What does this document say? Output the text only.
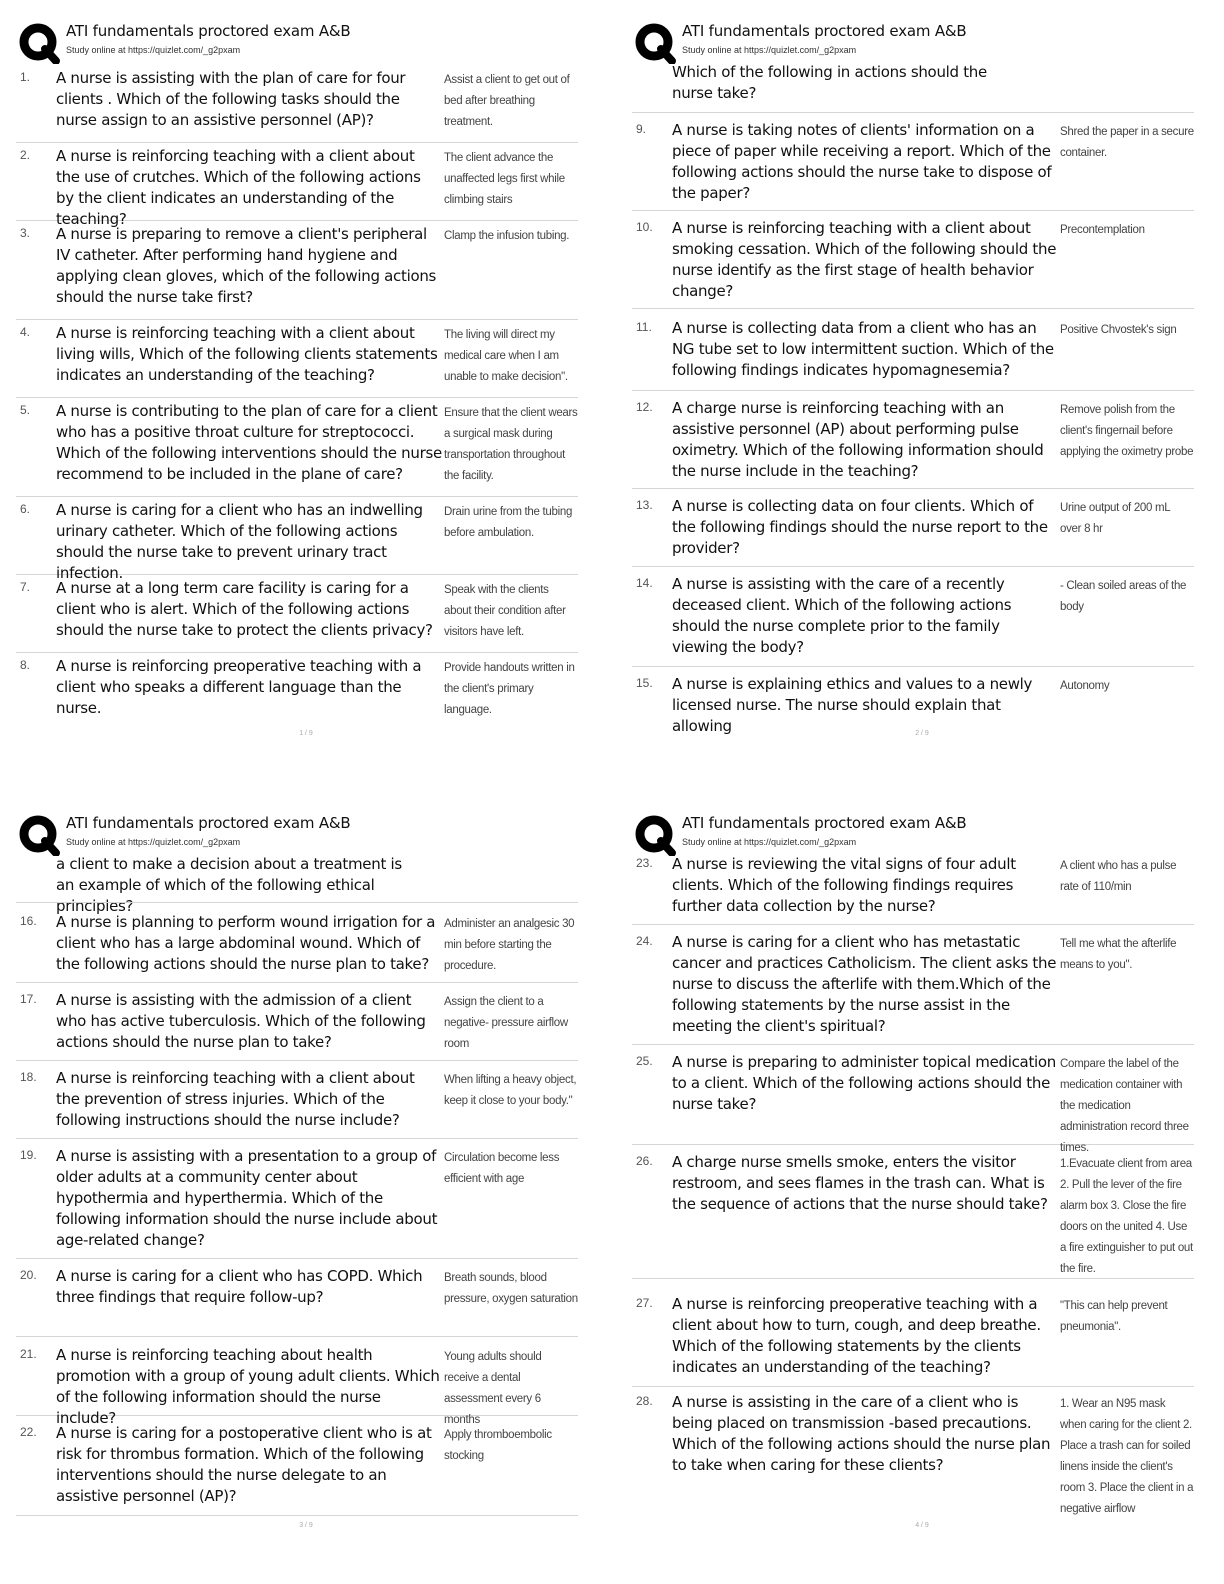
ATI fundamentals proctored exam A&B
Study online at https://quizlet.com/_g2pxam
1. A nurse is assisting with the plan of care for four clients . Which of the following tasks should the nurse assign to an assistive personnel (AP)?
Assist a client to get out of bed after breathing treatment.
2. A nurse is reinforcing teaching with a client about the use of crutches. Which of the following actions by the client indicates an understanding of the teaching?
The client advance the unaffected legs first while climbing stairs
3. A nurse is preparing to remove a client's peripheral IV catheter. After performing hand hygiene and applying clean gloves, which of the following actions should the nurse take first?
Clamp the infusion tubing.
4. A nurse is reinforcing teaching with a client about living wills, Which of the following clients statements indicates an understanding of the teaching?
The living will direct my medical care when I am unable to make decision".
5. A nurse is contributing to the plan of care for a client who has a positive throat culture for streptococci. Which of the following interventions should the nurse recommend to be included in the plane of care?
Ensure that the client wears a surgical mask during transportation throughout the facility.
6. A nurse is caring for a client who has an indwelling urinary catheter. Which of the following actions should the nurse take to prevent urinary tract infection.
Drain urine from the tubing before ambulation.
7. A nurse at a long term care facility is caring for a client who is alert. Which of the following actions should the nurse take to protect the clients privacy?
Speak with the clients about their condition after visitors have left.
8. A nurse is reinforcing preoperative teaching with a client who speaks a different language than the nurse.
Provide handouts written in the client's primary language.
1 / 9
ATI fundamentals proctored exam A&B
Study online at https://quizlet.com/_g2pxam
Which of the following in actions should the nurse take?
9. A nurse is taking notes of clients' information on a piece of paper while receiving a report. Which of the following actions should the nurse take to dispose of the paper?
Shred the paper in a secure container.
10. A nurse is reinforcing teaching with a client about smoking cessation. Which of the following should the nurse identify as the first stage of health behavior change?
Precontemplation
11. A nurse is collecting data from a client who has an NG tube set to low intermittent suction. Which of the following findings indicates hypomagnesemia?
Positive Chvostek's sign
12. A charge nurse is reinforcing teaching with an assistive personnel (AP) about performing pulse oximetry. Which of the following information should the nurse include in the teaching?
Remove polish from the client's fingernail before applying the oximetry probe
13. A nurse is collecting data on four clients. Which of the following findings should the nurse report to the provider?
Urine output of 200 mL over 8 hr
14. A nurse is assisting with the care of a recently deceased client. Which of the following actions should the nurse complete prior to the family viewing the body?
- Clean soiled areas of the body
15. A nurse is explaining ethics and values to a newly licensed nurse. The nurse should explain that allowing
Autonomy
2 / 9
ATI fundamentals proctored exam A&B
Study online at https://quizlet.com/_g2pxam
a client to make a decision about a treatment is an example of which of the following ethical principles?
16. A nurse is planning to perform wound irrigation for a client who has a large abdominal wound. Which of the following actions should the nurse plan to take?
Administer an analgesic 30 min before starting the procedure.
17. A nurse is assisting with the admission of a client who has active tuberculosis. Which of the following actions should the nurse plan to take?
Assign the client to a negative- pressure airflow room
18. A nurse is reinforcing teaching with a client about the prevention of stress injuries. Which of the following instructions should the nurse include?
When lifting a heavy object, keep it close to your body."
19. A nurse is assisting with a presentation to a group of older adults at a community center about hypothermia and hyperthermia. Which of the following information should the nurse include about age-related change?
Circulation become less efficient with age
20. A nurse is caring for a client who has COPD. Which three findings that require follow-up?
Breath sounds, blood pressure, oxygen saturation
21. A nurse is reinforcing teaching about health promotion with a group of young adult clients. Which of the following information should the nurse include?
Young adults should receive a dental assessment every 6 months
22. A nurse is caring for a postoperative client who is at risk for thrombus formation. Which of the following interventions should the nurse delegate to an assistive personnel (AP)?
Apply thromboembolic stocking
3 / 9
ATI fundamentals proctored exam A&B
Study online at https://quizlet.com/_g2pxam
23. A nurse is reviewing the vital signs of four adult clients. Which of the following findings requires further data collection by the nurse?
A client who has a pulse rate of 110/min
24. A nurse is caring for a client who has metastatic cancer and practices Catholicism. The client asks the nurse to discuss the afterlife with them.Which of the following statements by the nurse assist in the meeting the client's spiritual?
Tell me what the afterlife means to you".
25. A nurse is preparing to administer topical medication to a client. Which of the following actions should the nurse take?
Compare the label of the medication container with the medication administration record three times.
26. A charge nurse smells smoke, enters the visitor restroom, and sees flames in the trash can. What is the sequence of actions that the nurse should take?
1.Evacuate client from area 2. Pull the lever of the fire alarm box 3. Close the fire doors on the united 4. Use a fire extinguisher to put out the fire.
27. A nurse is reinforcing preoperative teaching with a client about how to turn, cough, and deep breathe. Which of the following statements by the clients indicates an understanding of the teaching?
"This can help prevent pneumonia".
28. A nurse is assisting in the care of a client who is being placed on transmission -based precautions. Which of the following actions should the nurse plan to take when caring for these clients?
1. Wear an N95 mask when caring for the client 2. Place a trash can for soiled linens inside the client's room 3. Place the client in a negative airflow
4 / 9
